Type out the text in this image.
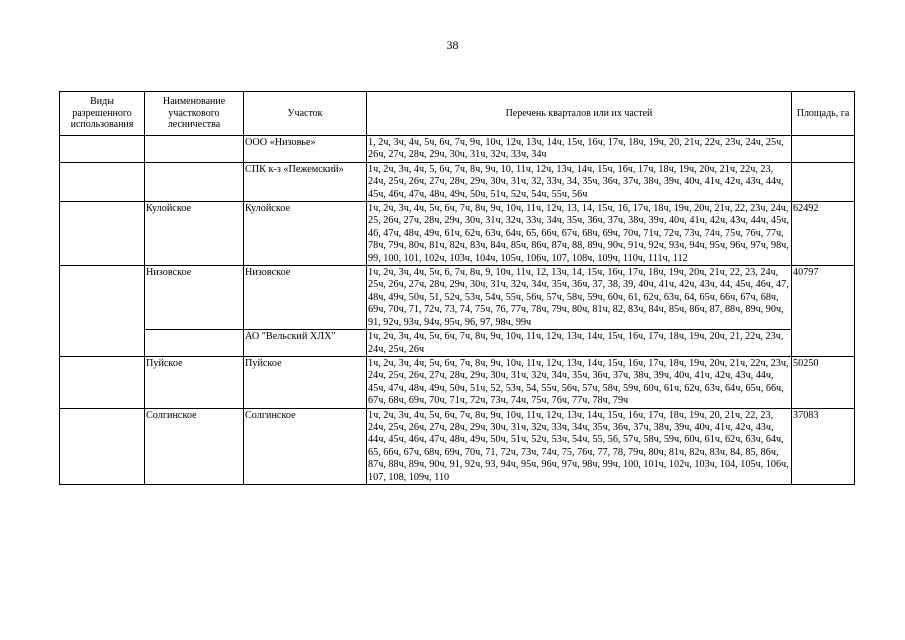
38
Виды разрешенного использования	Наименование участкового лесничества	Участок	Перечень кварталов или их частей	Площадь, га
		ООО «Низовье»	1, 2ч, 3ч, 4ч, 5ч, 6ч, 7ч, 9ч, 10ч, 12ч, 13ч, 14ч, 15ч, 16ч, 17ч, 18ч, 19ч, 20, 21ч, 22ч, 23ч, 24ч, 25ч, 26ч, 27ч, 28ч, 29ч, 30ч, 31ч, 32ч, 33ч, 34ч	
		СПК к-з «Пежемский»	1ч, 2ч, 3ч, 4ч, 5, 6ч, 7ч, 8ч, 9ч, 10, 11ч, 12ч, 13ч, 14ч, 15ч, 16ч, 17ч, 18ч, 19ч, 20ч, 21ч, 22ч, 23, 24ч, 25ч, 26ч, 27ч, 28ч, 29ч, 30ч, 31ч, 32, 33ч, 34, 35ч, 36ч, 37ч, 38ч, 39ч, 40ч, 41ч, 42ч, 43ч, 44ч, 45ч, 46ч, 47ч, 48ч, 49ч, 50ч, 51ч, 52ч, 54ч, 55ч, 56ч	
	Кулойское	Кулойское	1ч, 2ч, 3ч, 4ч, 5ч, 6ч, 7ч, 8ч, 9ч, 10ч, 11ч, 12ч, 13, 14, 15ч, 16, 17ч, 18ч, 19ч, 20ч, 21ч, 22, 23ч, 24ч, 25, 26ч, 27ч, 28ч, 29ч, 30ч, 31ч, 32ч, 33ч, 34ч, 35ч, 36ч, 37ч, 38ч, 39ч, 40ч, 41ч, 42ч, 43ч, 44ч, 45ч, 46, 47ч, 48ч, 49ч, 61ч, 62ч, 63ч, 64ч, 65, 66ч, 67ч, 68ч, 69ч, 70ч, 71ч, 72ч, 73ч, 74ч, 75ч, 76ч, 77ч, 78ч, 79ч, 80ч, 81ч, 82ч, 83ч, 84ч, 85ч, 86ч, 87ч, 88, 89ч, 90ч, 91ч, 92ч, 93ч, 94ч, 95ч, 96ч, 97ч, 98ч, 99, 100, 101, 102ч, 103ч, 104ч, 105ч, 106ч, 107, 108ч, 109ч, 110ч, 111ч, 112	62492
	Низовское	Низовское	1ч, 2ч, 3ч, 4ч, 5ч, 6, 7ч, 8ч, 9, 10ч, 11ч, 12, 13ч, 14, 15ч, 16ч, 17ч, 18ч, 19ч, 20ч, 21ч, 22, 23, 24ч, 25ч, 26ч, 27ч, 28ч, 29ч, 30ч, 31ч, 32ч, 34ч, 35ч, 36ч, 37, 38, 39, 40ч, 41ч, 42ч, 43ч, 44, 45ч, 46ч, 47, 48ч, 49ч, 50ч, 51, 52ч, 53ч, 54ч, 55ч, 56ч, 57ч, 58ч, 59ч, 60ч, 61, 62ч, 63ч, 64, 65ч, 66ч, 67ч, 68ч, 69ч, 70ч, 71, 72ч, 73, 74, 75ч, 76, 77ч, 78ч, 79ч, 80ч, 81ч, 82, 83ч, 84ч, 85ч, 86ч, 87, 88ч, 89ч, 90ч, 91, 92ч, 93ч, 94ч, 95ч, 96, 97, 98ч, 99ч	40797
		АО "Вельский ХЛХ"	1ч, 2ч, 3ч, 4ч, 5ч, 6ч, 7ч, 8ч, 9ч, 10ч, 11ч, 12ч, 13ч, 14ч, 15ч, 16ч, 17ч, 18ч, 19ч, 20ч, 21, 22ч, 23ч, 24ч, 25ч, 26ч	
	Пуйское	Пуйское	1ч, 2ч, 3ч, 4ч, 5ч, 6ч, 7ч, 8ч, 9ч, 10ч, 11ч, 12ч, 13ч, 14ч, 15ч, 16ч, 17ч, 18ч, 19ч, 20ч, 21ч, 22ч, 23ч, 24ч, 25ч, 26ч, 27ч, 28ч, 29ч, 30ч, 31ч, 32ч, 34ч, 35ч, 36ч, 37ч, 38ч, 39ч, 40ч, 41ч, 42ч, 43ч, 44ч, 45ч, 47ч, 48ч, 49ч, 50ч, 51ч, 52, 53ч, 54, 55ч, 56ч, 57ч, 58ч, 59ч, 60ч, 61ч, 62ч, 63ч, 64ч, 65ч, 66ч, 67ч, 68ч, 69ч, 70ч, 71ч, 72ч, 73ч, 74ч, 75ч, 76ч, 77ч, 78ч, 79ч	50250
	Солгинское	Солгинское	1ч, 2ч, 3ч, 4ч, 5ч, 6ч, 7ч, 8ч, 9ч, 10ч, 11ч, 12ч, 13ч, 14ч, 15ч, 16ч, 17ч, 18ч, 19ч, 20, 21ч, 22, 23, 24ч, 25ч, 26ч, 27ч, 28ч, 29ч, 30ч, 31ч, 32ч, 33ч, 34ч, 35ч, 36ч, 37ч, 38ч, 39ч, 40ч, 41ч, 42ч, 43ч, 44ч, 45ч, 46ч, 47ч, 48ч, 49ч, 50ч, 51ч, 52ч, 53ч, 54ч, 55, 56, 57ч, 58ч, 59ч, 60ч, 61ч, 62ч, 63ч, 64ч, 65, 66ч, 67ч, 68ч, 69ч, 70ч, 71, 72ч, 73ч, 74ч, 75, 76ч, 77, 78, 79ч, 80ч, 81ч, 82ч, 83ч, 84, 85, 86ч, 87ч, 88ч, 89ч, 90ч, 91, 92ч, 93, 94ч, 95ч, 96ч, 97ч, 98ч, 99ч, 100, 101ч, 102ч, 103ч, 104, 105ч, 106ч, 107, 108, 109ч, 110	37083
